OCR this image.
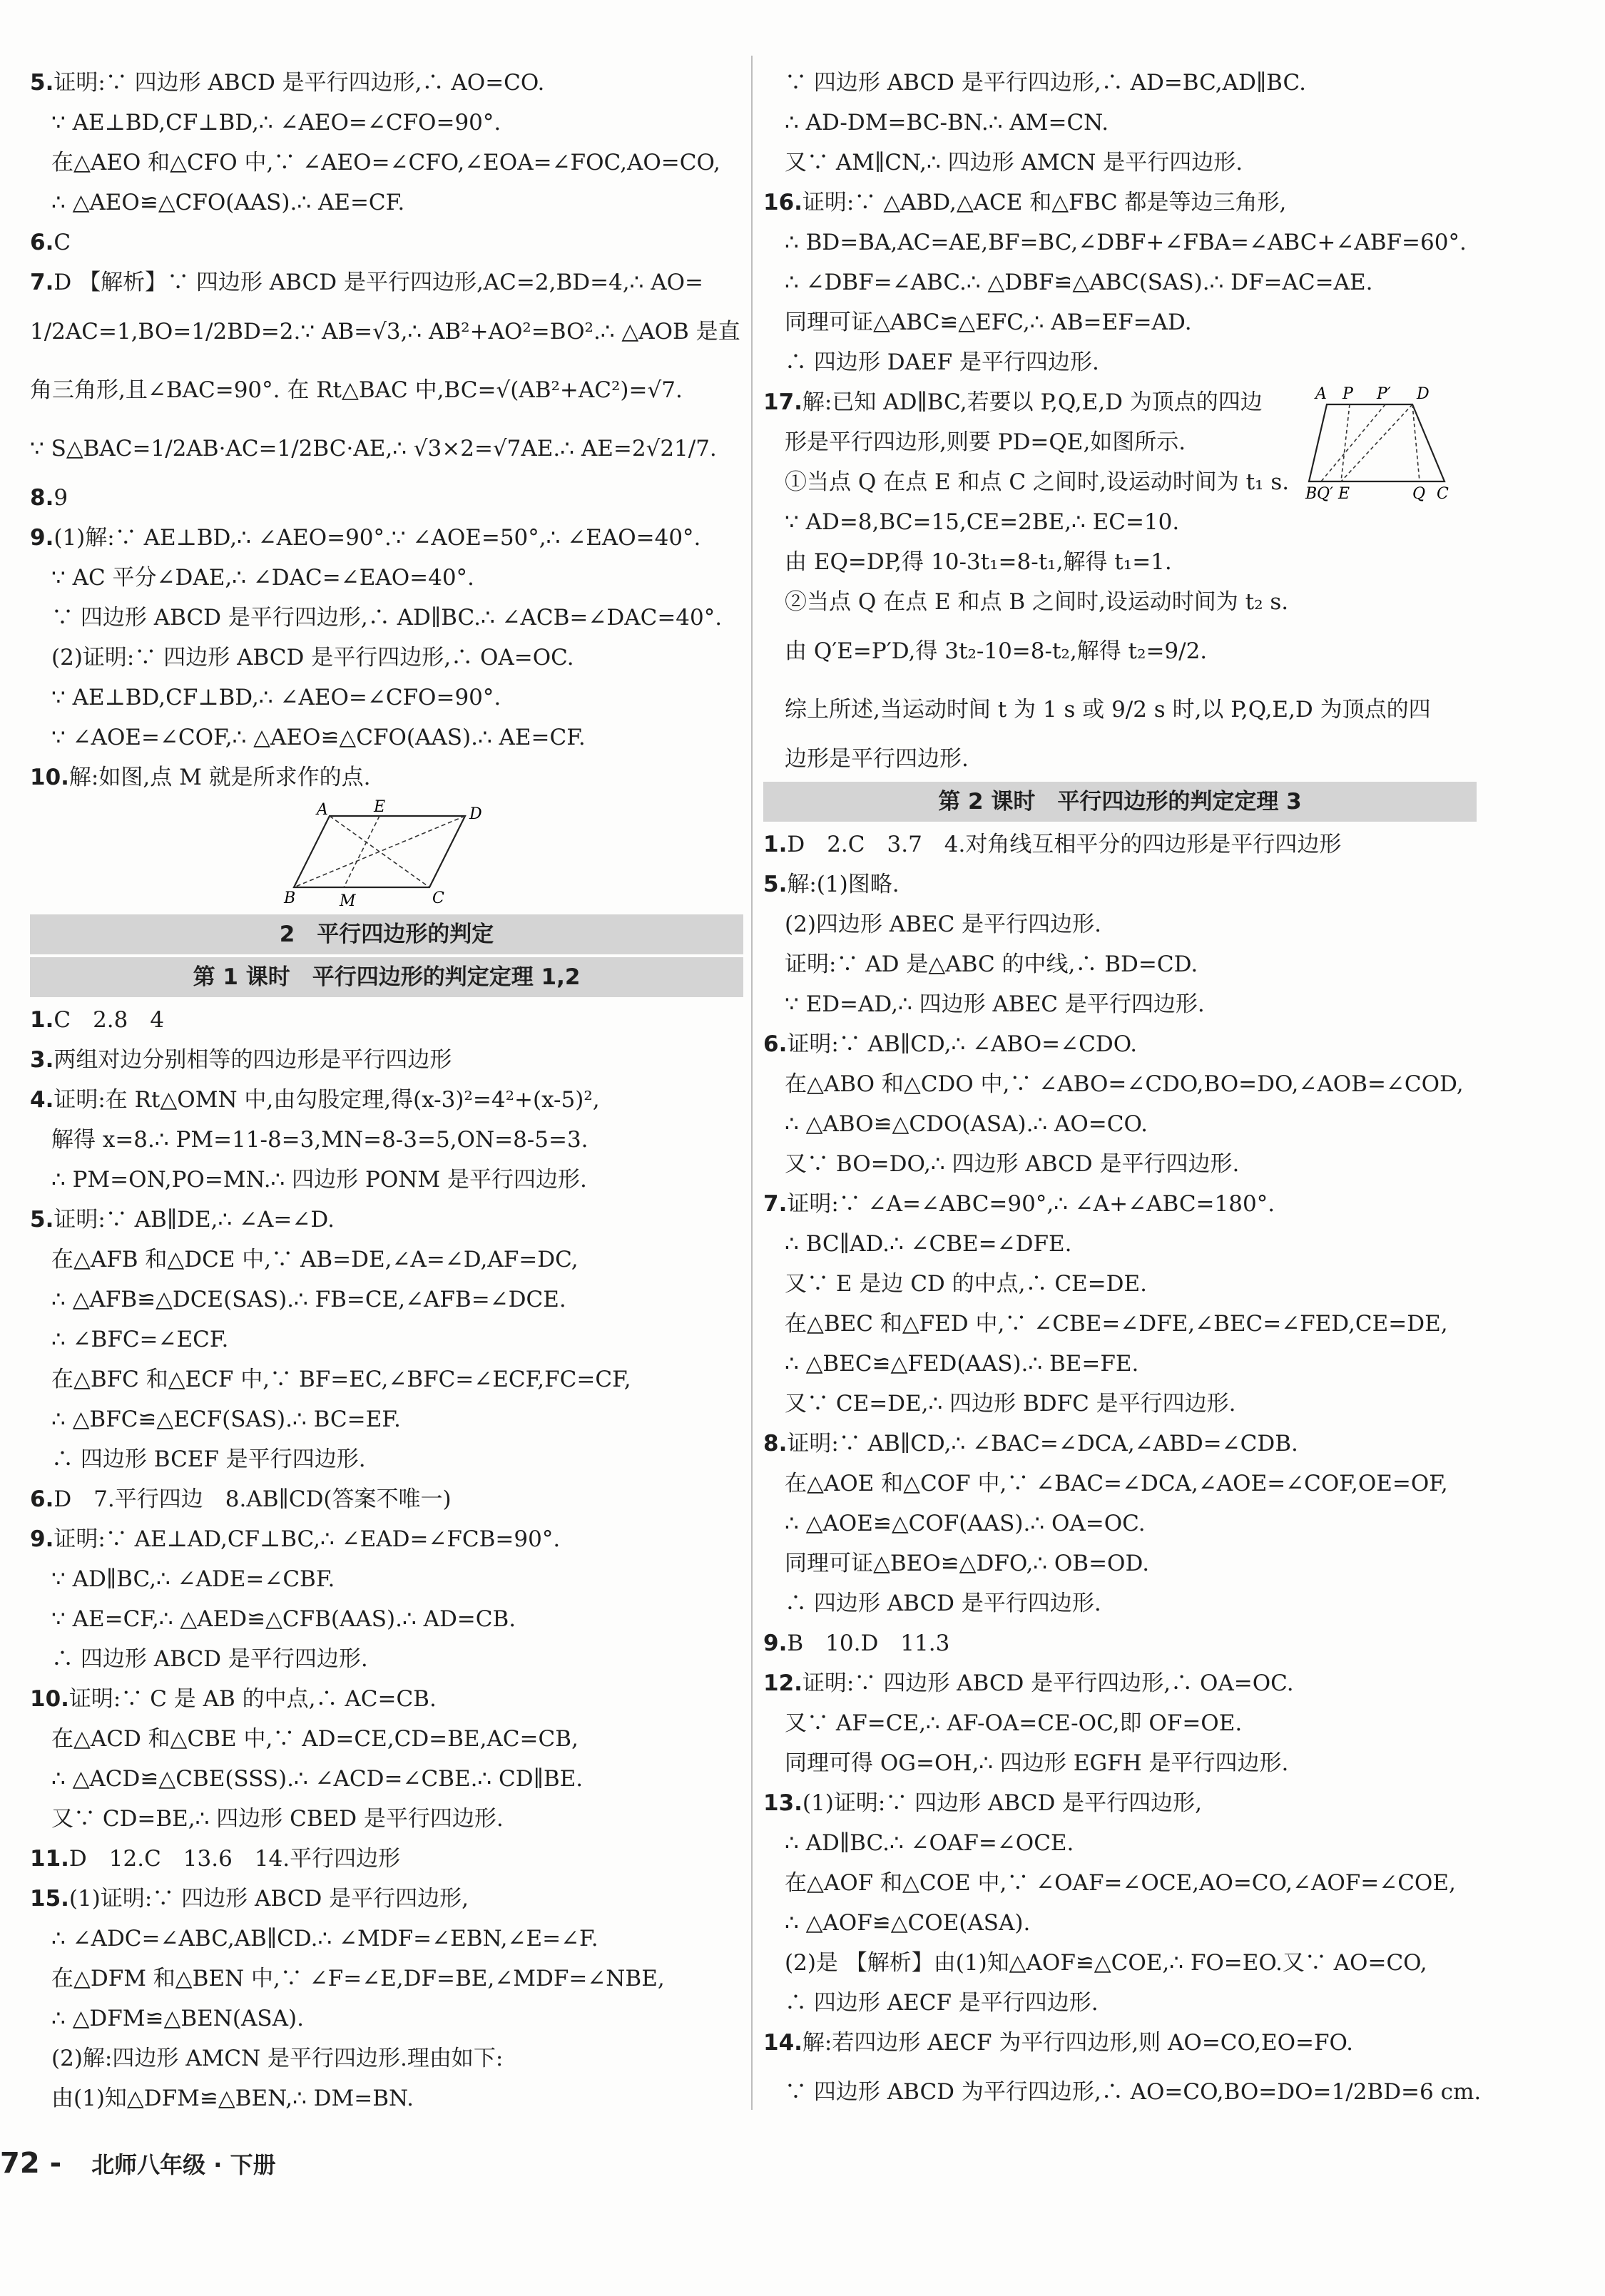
5.证明:∵ 四边形 ABCD 是平行四边形,∴ AO=CO.
∵ AE⊥BD,CF⊥BD,∴ ∠AEO=∠CFO=90°.
在△AEO 和△CFO 中,∵ ∠AEO=∠CFO,∠EOA=∠FOC,AO=CO,
∴ △AEO≌△CFO(AAS).∴ AE=CF.
6.C
7.D 【解析】∵ 四边形 ABCD 是平行四边形,AC=2,BD=4,∴ AO=
1/2AC=1,BO=1/2BD=2.∵ AB=√3,∴ AB²+AO²=BO².∴ △AOB 是直
角三角形,且∠BAC=90°. 在 Rt△BAC 中,BC=√(AB²+AC²)=√7.
∵ S△BAC=1/2AB·AC=1/2BC·AE,∴ √3×2=√7AE.∴ AE=2√21/7.
8.9
9.(1)解:∵ AE⊥BD,∴ ∠AEO=90°.∵ ∠AOE=50°,∴ ∠EAO=40°.
∵ AC 平分∠DAE,∴ ∠DAC=∠EAO=40°.
∵ 四边形 ABCD 是平行四边形,∴ AD∥BC.∴ ∠ACB=∠DAC=40°.
(2)证明:∵ 四边形 ABCD 是平行四边形,∴ OA=OC.
∵ AE⊥BD,CF⊥BD,∴ ∠AEO=∠CFO=90°.
∵ ∠AOE=∠COF,∴ △AEO≌△CFO(AAS).∴ AE=CF.
10.解:如图,点 M 就是所求作的点.
A	E	D
B	M	C
2　平行四边形的判定
第 1 课时　平行四边形的判定定理 1,2
1.C　2.8　4
3.两组对边分别相等的四边形是平行四边形
4.证明:在 Rt△OMN 中,由勾股定理,得(x-3)²=4²+(x-5)²,
解得 x=8.∴ PM=11-8=3,MN=8-3=5,ON=8-5=3.
∴ PM=ON,PO=MN.∴ 四边形 PONM 是平行四边形.
5.证明:∵ AB∥DE,∴ ∠A=∠D.
在△AFB 和△DCE 中,∵ AB=DE,∠A=∠D,AF=DC,
∴ △AFB≌△DCE(SAS).∴ FB=CE,∠AFB=∠DCE.
∴ ∠BFC=∠ECF.
在△BFC 和△ECF 中,∵ BF=EC,∠BFC=∠ECF,FC=CF,
∴ △BFC≌△ECF(SAS).∴ BC=EF.
∴ 四边形 BCEF 是平行四边形.
6.D　7.平行四边　8.AB∥CD(答案不唯一)
9.证明:∵ AE⊥AD,CF⊥BC,∴ ∠EAD=∠FCB=90°.
∵ AD∥BC,∴ ∠ADE=∠CBF.
∵ AE=CF,∴ △AED≌△CFB(AAS).∴ AD=CB.
∴ 四边形 ABCD 是平行四边形.
10.证明:∵ C 是 AB 的中点,∴ AC=CB.
在△ACD 和△CBE 中,∵ AD=CE,CD=BE,AC=CB,
∴ △ACD≌△CBE(SSS).∴ ∠ACD=∠CBE.∴ CD∥BE.
又∵ CD=BE,∴ 四边形 CBED 是平行四边形.
11.D　12.C　13.6　14.平行四边形
15.(1)证明:∵ 四边形 ABCD 是平行四边形,
∴ ∠ADC=∠ABC,AB∥CD.∴ ∠MDF=∠EBN,∠E=∠F.
在△DFM 和△BEN 中,∵ ∠F=∠E,DF=BE,∠MDF=∠NBE,
∴ △DFM≌△BEN(ASA).
(2)解:四边形 AMCN 是平行四边形.理由如下:
由(1)知△DFM≌△BEN,∴ DM=BN.
∵ 四边形 ABCD 是平行四边形,∴ AD=BC,AD∥BC.
∴ AD-DM=BC-BN.∴ AM=CN.
又∵ AM∥CN,∴ 四边形 AMCN 是平行四边形.
16.证明:∵ △ABD,△ACE 和△FBC 都是等边三角形,
∴ BD=BA,AC=AE,BF=BC,∠DBF+∠FBA=∠ABC+∠ABF=60°.
∴ ∠DBF=∠ABC.∴ △DBF≌△ABC(SAS).∴ DF=AC=AE.
同理可证△ABC≌△EFC,∴ AB=EF=AD.
∴ 四边形 DAEF 是平行四边形.
17.解:已知 AD∥BC,若要以 P,Q,E,D 为顶点的四边
形是平行四边形,则要 PD=QE,如图所示.
①当点 Q 在点 E 和点 C 之间时,设运动时间为 t₁ s.
∵ AD=8,BC=15,CE=2BE,∴ EC=10.
由 EQ=DP,得 10-3t₁=8-t₁,解得 t₁=1.
②当点 Q 在点 E 和点 B 之间时,设运动时间为 t₂ s.
由 Q′E=P′D,得 3t₂-10=8-t₂,解得 t₂=9/2.
综上所述,当运动时间 t 为 1 s 或 9/2 s 时,以 P,Q,E,D 为顶点的四
边形是平行四边形.
第 2 课时　平行四边形的判定定理 3
1.D　2.C　3.7　4.对角线互相平分的四边形是平行四边形
5.解:(1)图略.
(2)四边形 ABEC 是平行四边形.
证明:∵ AD 是△ABC 的中线,∴ BD=CD.
∵ ED=AD,∴ 四边形 ABEC 是平行四边形.
6.证明:∵ AB∥CD,∴ ∠ABO=∠CDO.
在△ABO 和△CDO 中,∵ ∠ABO=∠CDO,BO=DO,∠AOB=∠COD,
∴ △ABO≌△CDO(ASA).∴ AO=CO.
又∵ BO=DO,∴ 四边形 ABCD 是平行四边形.
7.证明:∵ ∠A=∠ABC=90°,∴ ∠A+∠ABC=180°.
∴ BC∥AD.∴ ∠CBE=∠DFE.
又∵ E 是边 CD 的中点,∴ CE=DE.
在△BEC 和△FED 中,∵ ∠CBE=∠DFE,∠BEC=∠FED,CE=DE,
∴ △BEC≌△FED(AAS).∴ BE=FE.
又∵ CE=DE,∴ 四边形 BDFC 是平行四边形.
8.证明:∵ AB∥CD,∴ ∠BAC=∠DCA,∠ABD=∠CDB.
在△AOE 和△COF 中,∵ ∠BAC=∠DCA,∠AOE=∠COF,OE=OF,
∴ △AOE≌△COF(AAS).∴ OA=OC.
同理可证△BEO≌△DFO,∴ OB=OD.
∴ 四边形 ABCD 是平行四边形.
9.B　10.D　11.3
12.证明:∵ 四边形 ABCD 是平行四边形,∴ OA=OC.
又∵ AF=CE,∴ AF-OA=CE-OC,即 OF=OE.
同理可得 OG=OH,∴ 四边形 EGFH 是平行四边形.
13.(1)证明:∵ 四边形 ABCD 是平行四边形,
∴ AD∥BC.∴ ∠OAF=∠OCE.
在△AOF 和△COE 中,∵ ∠OAF=∠OCE,AO=CO,∠AOF=∠COE,
∴ △AOF≌△COE(ASA).
(2)是 【解析】由(1)知△AOF≌△COE,∴ FO=EO.又∵ AO=CO,
∴ 四边形 AECF 是平行四边形.
14.解:若四边形 AECF 为平行四边形,则 AO=CO,EO=FO.
∵ 四边形 ABCD 为平行四边形,∴ AO=CO,BO=DO=1/2BD=6 cm.
A P P′ D
B Q′ E	Q C
72 - 北师八年级 · 下册
